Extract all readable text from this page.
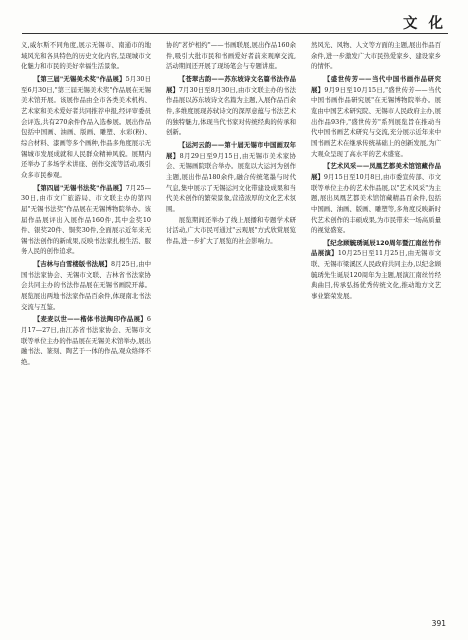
文 化

义,威尔斯不同角度,展示无锡市、南通市的地域风光和各具特色的历史文化内容,呈现城市文化魅力和市民的美好幸福生活景象。

【第三届"无锡美术奖"作品展】5月30日至6月30日,"第三届无锡美术奖"作品展在无锡美术馆开展。该展作品由全市各类美术机构、艺术家和美术爱好者共同推荐申报,经评审委员会评选,共有270余件作品入选参展。展出作品包括中国画、油画、版画、雕塑、水彩(粉)、综合材料、漆画等多个画种,作品多角度展示无锡城市发展成就和人民群众精神风貌。展期内还举办了多场学术讲座、创作交流等活动,吸引众多市民参观。

【第四届"无锡书法奖"作品展】7月25—30日,由市文广旅游局、市文联主办的第四届"无锡书法奖"作品展在无锡博物院举办。该届作品展评出入展作品160件,其中金奖10件、银奖20件、铜奖30件,全面展示近年来无锡书法创作的新成果,反映书法家扎根生活、服务人民的创作追求。

【吉林与白雪楼版书法展】8月25日,由中国书法家协会、无锡市文联、吉林省书法家协会共同主办的书法作品展在无锡书画院开幕。展览展出两地书法家作品百余件,体现南北书法交流与互鉴。

【麦麦以世——楷体书法陶印作品展】6月17—27日,由江苏省书法家协会、无锡市文联等单位主办的作品展在无锡美术馆举办,展出融书法、篆刻、陶艺于一体的作品,观众络绎不绝。

协的"茗炉相约"——书画联展,展出作品160余件,吸引大批市民和书画爱好者前来观摩交流,活动期间还开展了现场笔会与专题讲座。

【苍翠古韵——苏东坡诗文名篇书法作品展】7月30日至8月30日,由市文联主办的书法作品展以苏东坡诗文名篇为主题,入展作品百余件,多维度展现苏轼诗文的深厚意蕴与书法艺术的独特魅力,体现当代书家对传统经典的传承和创新。

【运河云韵——第十届无锡市中国画双年展】8月29日至9月15日,由无锡市美术家协会、无锡画院联合举办。展览以大运河为创作主题,展出作品180余件,融合传统笔墨与时代气息,集中展示了无锡运河文化带建设成果和当代美术创作的繁荣景象,营造浓厚的文化艺术氛围。

展览期间还举办了线上展播和专题学术研讨活动,广大市民可通过"云观展"方式欣赏展览作品,进一步扩大了展览的社会影响力。

然风光、风物、人文等方面的主题,展出作品百余件,进一步激发广大市民热爱家乡、建设家乡的情怀。

【盛世传芳——当代中国书画作品研究展】9月9日至10月15日,"盛世传芳——当代中国书画作品研究展"在无锡博物院举办。展览由中国艺术研究院、无锡市人民政府主办,展出作品93件,"盛世传芳"系列展览旨在推动当代中国书画艺术研究与交流,充分展示近年来中国书画艺术在继承传统基础上的创新发展,为广大观众呈现了高水平的艺术盛宴。

【艺术风采——凤凰艺都美术馆馆藏作品展】9月15日至10月8日,由市委宣传部、市文联等单位主办的艺术作品展,以"艺术风采"为主题,展出凤凰艺都美术馆馆藏精品百余件,包括中国画、油画、版画、雕塑等,多角度反映新时代艺术创作的丰硕成果,为市民带来一场高质量的视觉盛宴。

【纪念顾毓琇诞辰120周年暨江南丝竹作品展演】10月25日至11月25日,由无锡市文联、无锡市梁溪区人民政府共同主办,以纪念顾毓琇先生诞辰120周年为主题,展演江南丝竹经典曲目,传承弘扬优秀传统文化,推动地方文艺事业繁荣发展。

391
